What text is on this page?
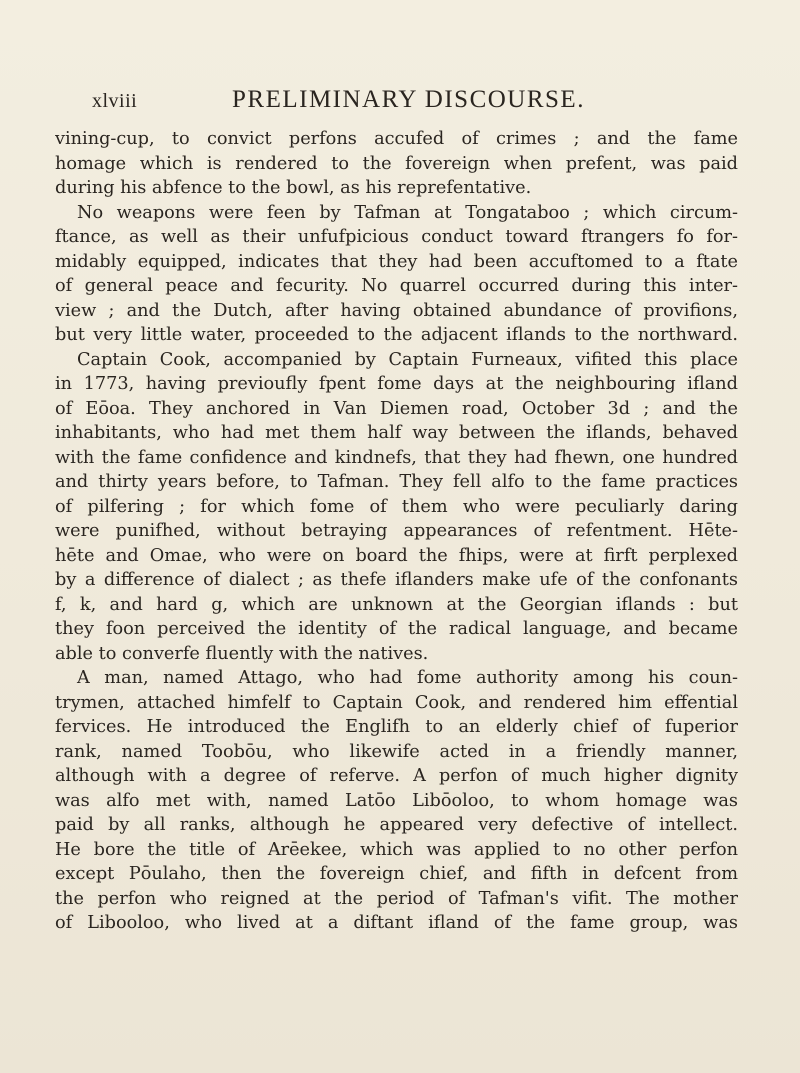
xlviii	PRELIMINARY DISCOURSE.
vining-cup, to convict perfons accufed of crimes ; and the fame
homage which is rendered to the fovereign when prefent, was paid
during his abfence to the bowl, as his reprefentative.
No weapons were feen by Tafman at Tongataboo ; which circum-
ftance, as well as their unfufpicious conduct toward ftrangers fo for-
midably equipped, indicates that they had been accuftomed to a ftate
of general peace and fecurity. No quarrel occurred during this inter-
view ; and the Dutch, after having obtained abundance of provifions,
but very little water, proceeded to the adjacent iflands to the northward.
Captain Cook, accompanied by Captain Furneaux, vifited this place
in 1773, having previoufly fpent fome days at the neighbouring ifland
of Eōoa. They anchored in Van Diemen road, October 3d ; and the
inhabitants, who had met them half way between the iflands, behaved
with the fame confidence and kindnefs, that they had fhewn, one hundred
and thirty years before, to Tafman. They fell alfo to the fame practices
of pilfering ; for which fome of them who were peculiarly daring
were punifhed, without betraying appearances of refentment. Hēte-
hēte and Omae, who were on board the fhips, were at firft perplexed
by a difference of dialect ; as thefe iflanders make ufe of the confonants
f, k, and hard g, which are unknown at the Georgian iflands : but
they foon perceived the identity of the radical language, and became
able to converfe fluently with the natives.
A man, named Attago, who had fome authority among his coun-
trymen, attached himfelf to Captain Cook, and rendered him effential
fervices. He introduced the Englifh to an elderly chief of fuperior
rank, named Toobōu, who likewife acted in a friendly manner,
although with a degree of referve. A perfon of much higher dignity
was alfo met with, named Latōo Libōoloo, to whom homage was
paid by all ranks, although he appeared very defective of intellect.
He bore the title of Arēekee, which was applied to no other perfon
except Pōulaho, then the fovereign chief, and fifth in defcent from
the perfon who reigned at the period of Tafman's vifit. The mother
of Libooloo, who lived at a diftant ifland of the fame group, was
